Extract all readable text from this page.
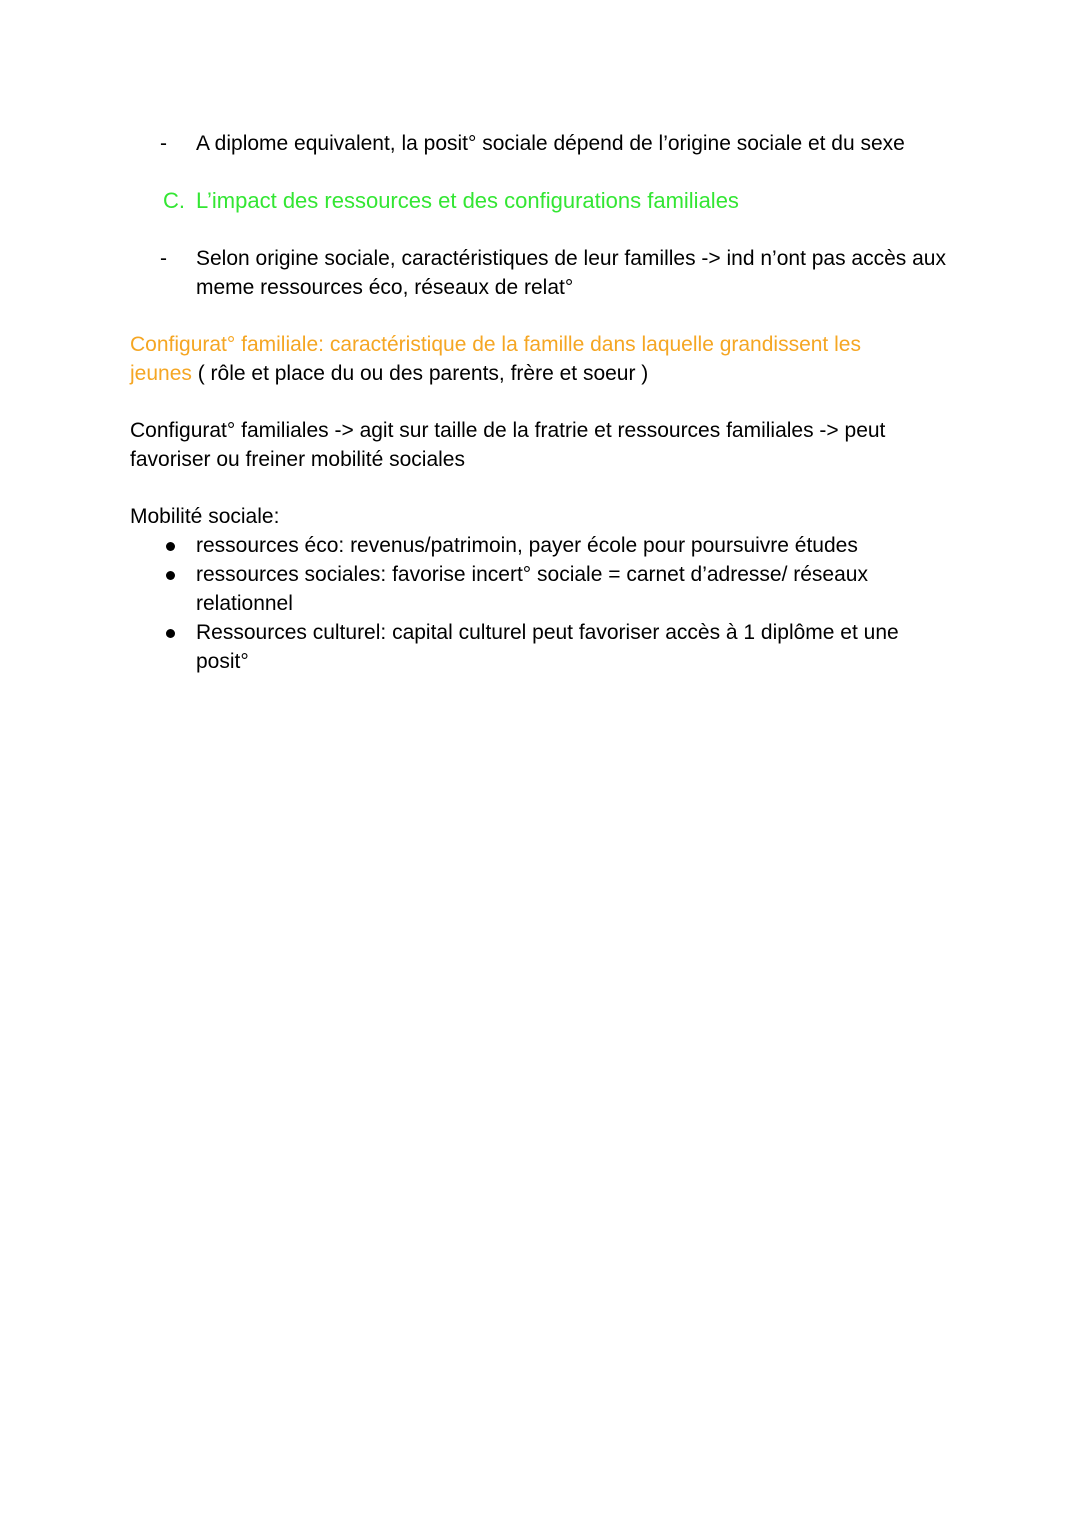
-	A diplome equivalent, la posit° sociale dépend de l’origine sociale et du sexe
C. L’impact des ressources et des configurations familiales
-	Selon origine sociale, caractéristiques de leur familles -> ind n’ont pas accès aux meme ressources éco, réseaux de relat°
Configurat° familiale: caractéristique de la famille dans laquelle grandissent les jeunes ( rôle et place du ou des parents, frère et soeur )
Configurat° familiales -> agit sur taille de la fratrie et ressources familiales -> peut favoriser ou freiner mobilité sociales
Mobilité sociale:
ressources éco: revenus/patrimoin, payer école pour poursuivre études
ressources sociales: favorise incert° sociale = carnet d’adresse/ réseaux relationnel
Ressources culturel: capital culturel peut favoriser accès à 1 diplôme et une posit°
